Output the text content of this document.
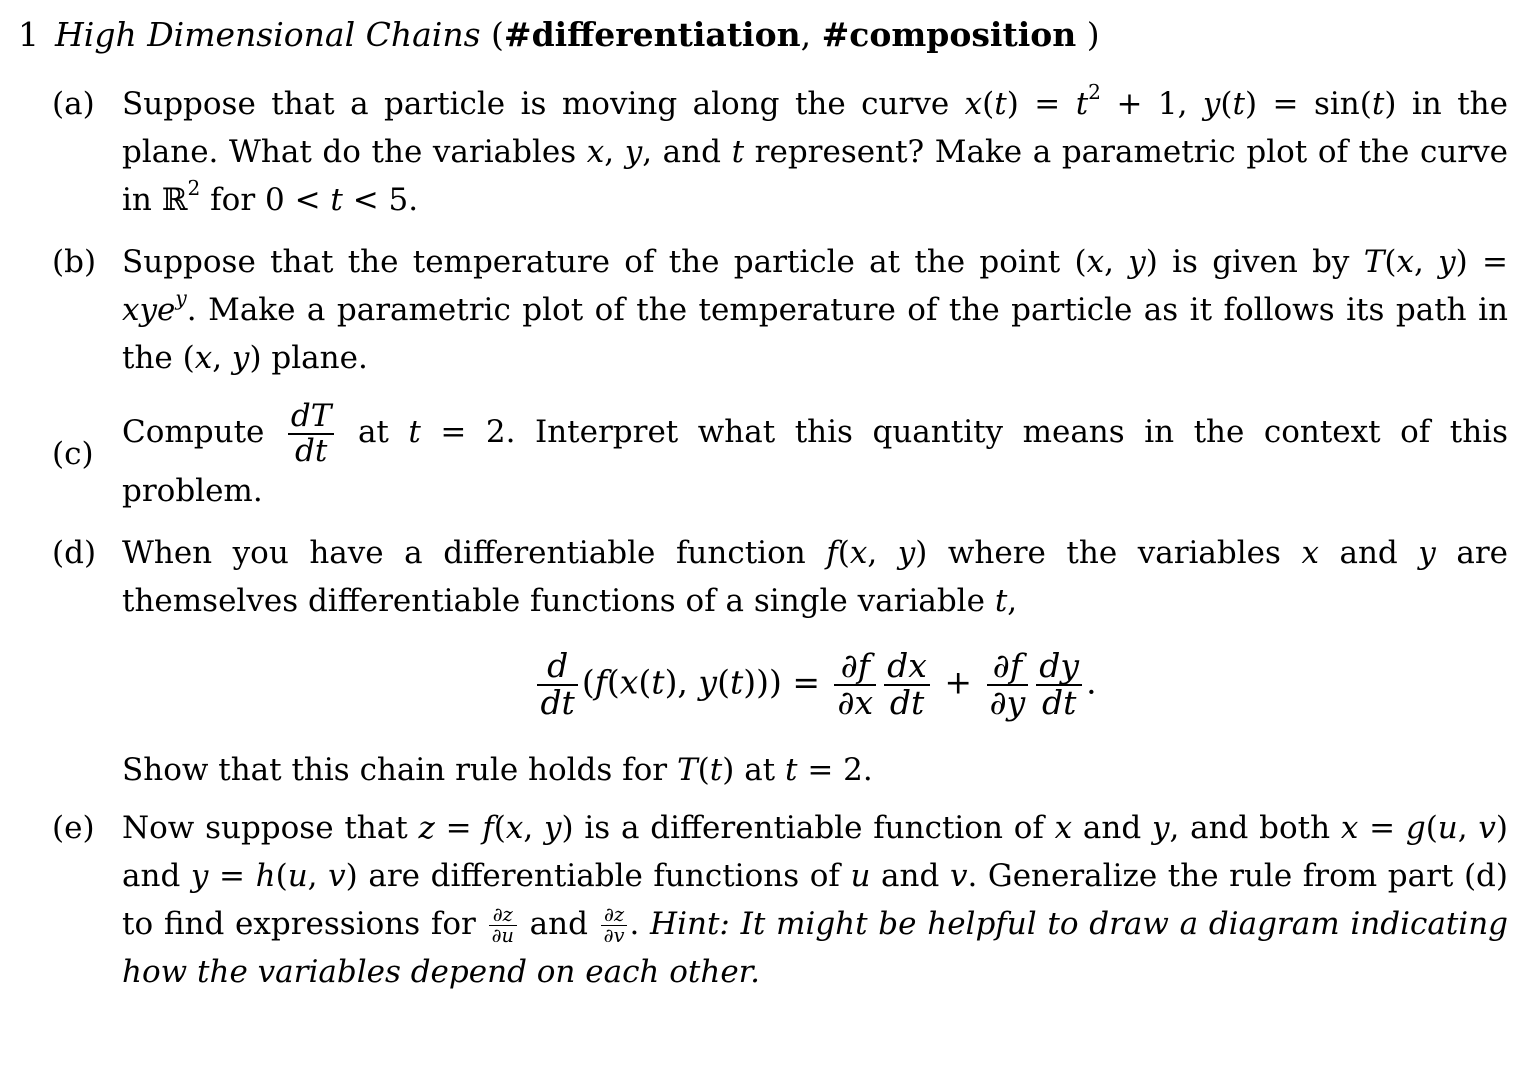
1 High Dimensional Chains (#differentiation, #composition )
(a) Suppose that a particle is moving along the curve $x(t) = t^2 + 1$, y(t) = sin(t) in the plane. What do the variables x, y, and t represent? Make a parametric plot of the curve in ℝ$^2$ for 0 < t < 5.
(b) Suppose that the temperature of the particle at the point (x, y) is given by T(x, y) = xye$^y$. Make a parametric plot of the temperature of the particle as it follows its path in the (x, y) plane.
(c)
Compute $\frac{dT}{dt}$ at t = 2. Interpret what this quantity means in the context of this problem.
(d) When you have a differentiable function f(x, y) where the variables x and y are themselves differentiable functions of a single variable t,
$\frac{d}{dt} (f(x(t)$, $y(t))) = \frac{\partial f}{\partial x} \frac{dx}{dt} + \frac{\partial f}{\partial y} \frac{dy}{dt}$ .
Show that this chain rule holds for T(t) at t = 2.
(e) Now suppose that z = f(x, y) is a differentiable function of x and y, and both x = g(u, v) and y = h(u, v) are differentiable functions of u and v. Generalize the rule from part (d) to find expressions for $\frac{\partial z}{\partial u}$ and $\frac{\partial z}{\partial v}$ . Hint: It might be helpful to draw a diagram indicating how the variables depend on each other.
